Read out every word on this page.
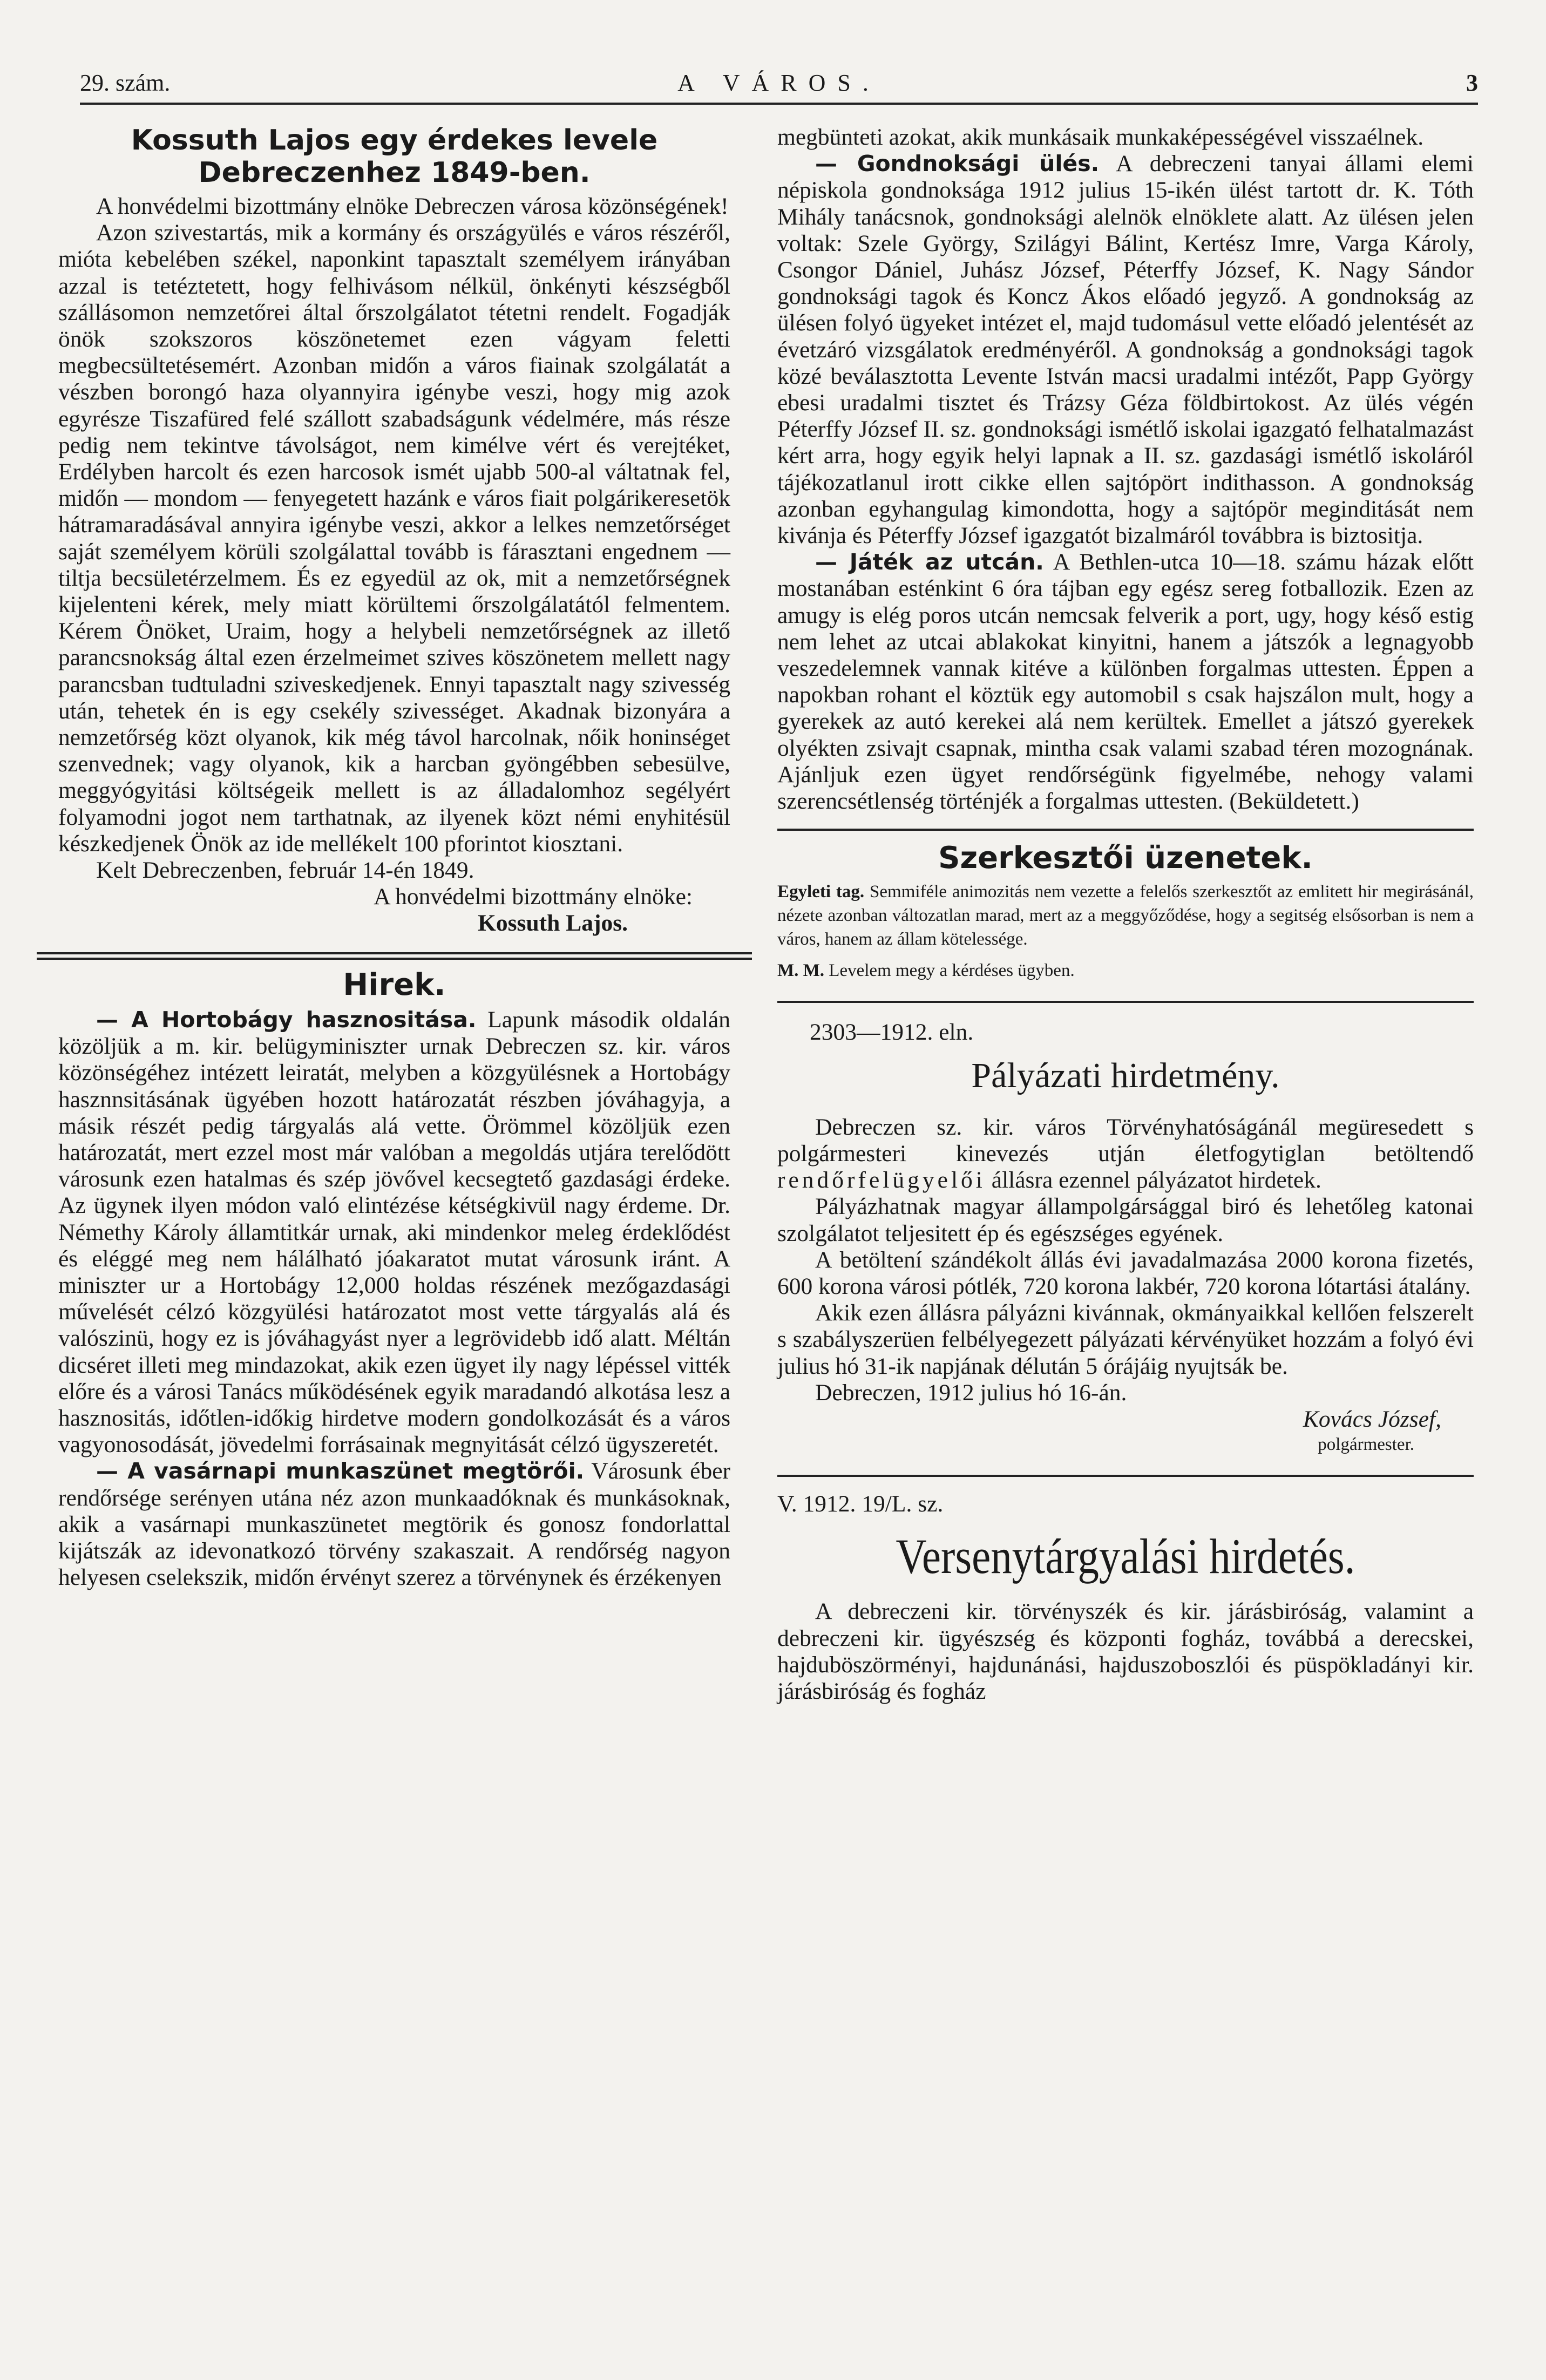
29. szám.	A VÁROS.	3
Kossuth Lajos egy érdekes levele Debreczenhez 1849-ben.

A honvédelmi bizottmány elnöke Debreczen városa közönségének!

Azon szivestartás, mik a kormány és országyülés e város részéről, mióta kebelében székel, naponkint tapasztalt személyem irányában azzal is tetéztetett, hogy felhivásom nélkül, önkényti készségből szállásomon nemzetőrei által őrszolgálatot tétetni rendelt. Fogadják önök szokszoros köszönetemet ezen vágyam feletti megbecsültetésemért. Azonban midőn a város fiainak szolgálatát a vészben borongó haza olyannyira igénybe veszi, hogy mig azok egyrésze Tiszafüred felé szállott szabadságunk védelmére, más része pedig nem tekintve távolságot, nem kimélve vért és verejtéket, Erdélyben harcolt és ezen harcosok ismét ujabb 500-al váltatnak fel, midőn — mondom — fenyegetett hazánk e város fiait polgárikeresetök hátramaradásával annyira igénybe veszi, akkor a lelkes nemzetőrséget saját személyem körüli szolgálattal tovább is fárasztani engednem — tiltja becsületérzelmem. És ez egyedül az ok, mit a nemzetőrségnek kijelenteni kérek, mely miatt körültemi őrszolgálatától felmentem. Kérem Önöket, Uraim, hogy a helybeli nemzetőrségnek az illető parancsnokság által ezen érzelmeimet szives köszönetem mellett nagy parancsban tudtuladni sziveskedjenek. Ennyi tapasztalt nagy szivesség után, tehetek én is egy csekély szivességet. Akadnak bizonyára a nemzetőrség közt olyanok, kik még távol harcolnak, nőik honinséget szenvednek; vagy olyanok, kik a harcban gyöngébben sebesülve, meggyógyitási költségeik mellett is az álladalomhoz segélyért folyamodni jogot nem tarthatnak, az ilyenek közt némi enyhitésül készkedjenek Önök az ide mellékelt 100 pforintot kiosztani.

Kelt Debreczenben, február 14-én 1849.

A honvédelmi bizottmány elnöke:

Kossuth Lajos.

Hirek.

— A Hortobágy hasznositása. Lapunk második oldalán közöljük a m. kir. belügyminiszter urnak Debreczen sz. kir. város közönségéhez intézett leiratát, melyben a közgyülésnek a Hortobágy hasznnsitásának ügyében hozott határozatát részben jóváhagyja, a másik részét pedig tárgyalás alá vette. Örömmel közöljük ezen határozatát, mert ezzel most már valóban a megoldás utjára terelődött városunk ezen hatalmas és szép jövővel kecsegtető gazdasági érdeke. Az ügynek ilyen módon való elintézése kétségkivül nagy érdeme. Dr. Némethy Károly államtitkár urnak, aki mindenkor meleg érdeklődést és eléggé meg nem hálálható jóakaratot mutat városunk iránt. A miniszter ur a Hortobágy 12,000 holdas részének mezőgazdasági művelését célzó közgyülési határozatot most vette tárgyalás alá és valószinü, hogy ez is jóváhagyást nyer a legrövidebb idő alatt. Méltán dicséret illeti meg mindazokat, akik ezen ügyet ily nagy lépéssel vitték előre és a városi Tanács működésének egyik maradandó alkotása lesz a hasznositás, időtlen-időkig hirdetve modern gondolkozását és a város vagyonosodását, jövedelmi forrásainak megnyitását célzó ügyszeretét.

— A vasárnapi munkaszünet megtörői. Városunk éber rendőrsége serényen utána néz azon munkaadóknak és munkásoknak, akik a vasárnapi munkaszünetet megtörik és gonosz fondorlattal kijátszák az idevonatkozó törvény szakaszait. A rendőrség nagyon helyesen cselekszik, midőn érvényt szerez a törvénynek és érzékenyen

megbünteti azokat, akik munkásaik munkaképességével visszaélnek.

— Gondnoksági ülés. A debreczeni tanyai állami elemi népiskola gondnoksága 1912 julius 15-ikén ülést tartott dr. K. Tóth Mihály tanácsnok, gondnoksági alelnök elnöklete alatt. Az ülésen jelen voltak: Szele György, Szilágyi Bálint, Kertész Imre, Varga Károly, Csongor Dániel, Juhász József, Péterffy József, K. Nagy Sándor gondnoksági tagok és Koncz Ákos előadó jegyző. A gondnokság az ülésen folyó ügyeket intézet el, majd tudomásul vette előadó jelentését az évetzáró vizsgálatok eredményéről. A gondnokság a gondnoksági tagok közé beválasztotta Levente István macsi uradalmi intézőt, Papp György ebesi uradalmi tisztet és Trázsy Géza földbirtokost. Az ülés végén Péterffy József II. sz. gondnoksági ismétlő iskolai igazgató felhatalmazást kért arra, hogy egyik helyi lapnak a II. sz. gazdasági ismétlő iskoláról tájékozatlanul irott cikke ellen sajtópört indithasson. A gondnokság azonban egyhangulag kimondotta, hogy a sajtópör meginditását nem kivánja és Péterffy József igazgatót bizalmáról továbbra is biztositja.

— Játék az utcán. A Bethlen-utca 10—18. számu házak előtt mostanában esténkint 6 óra tájban egy egész sereg fotballozik. Ezen az amugy is elég poros utcán nemcsak felverik a port, ugy, hogy késő estig nem lehet az utcai ablakokat kinyitni, hanem a játszók a legnagyobb veszedelemnek vannak kitéve a különben forgalmas uttesten. Éppen a napokban rohant el köztük egy automobil s csak hajszálon mult, hogy a gyerekek az autó kerekei alá nem kerültek. Emellet a játszó gyerekek olyékten zsivajt csapnak, mintha csak valami szabad téren mozognának. Ajánljuk ezen ügyet rendőrségünk figyelmébe, nehogy valami szerencsétlenség történjék a forgalmas uttesten. (Beküldetett.)

Szerkesztői üzenetek.

Egyleti tag. Semmiféle animozitás nem vezette a felelős szerkesztőt az emlitett hir megirásánál, nézete azonban változatlan marad, mert az a meggyőződése, hogy a segitség elsősorban is nem a város, hanem az állam kötelessége.

M. M. Levelem megy a kérdéses ügyben.

2303—1912. eln.

Pályázati hirdetmény.

Debreczen sz. kir. város Törvényhatóságánál megüresedett s polgármesteri kinevezés utján életfogytiglan betöltendő rendőrfelügyelői állásra ezennel pályázatot hirdetek.

Pályázhatnak magyar állampolgársággal biró és lehetőleg katonai szolgálatot teljesitett ép és egészséges egyének.

A betöltení szándékolt állás évi javadalmazása 2000 korona fizetés, 600 korona városi pótlék, 720 korona lakbér, 720 korona lótartási átalány.

Akik ezen állásra pályázni kivánnak, okmányaikkal kellően felszerelt s szabályszerüen felbélyegezett pályázati kérvényüket hozzám a folyó évi julius hó 31-ik napjának délután 5 órájáig nyujtsák be.

Debreczen, 1912 julius hó 16-án.

Kovács József,

polgármester.

V. 1912. 19/L. sz.

Versenytárgyalási hirdetés.

A debreczeni kir. törvényszék és kir. járásbiróság, valamint a debreczeni kir. ügyészség és központi fogház, továbbá a derecskei, hajduböszörményi, hajdunánási, hajduszoboszlói és püspökladányi kir. járásbiróság és fogház
